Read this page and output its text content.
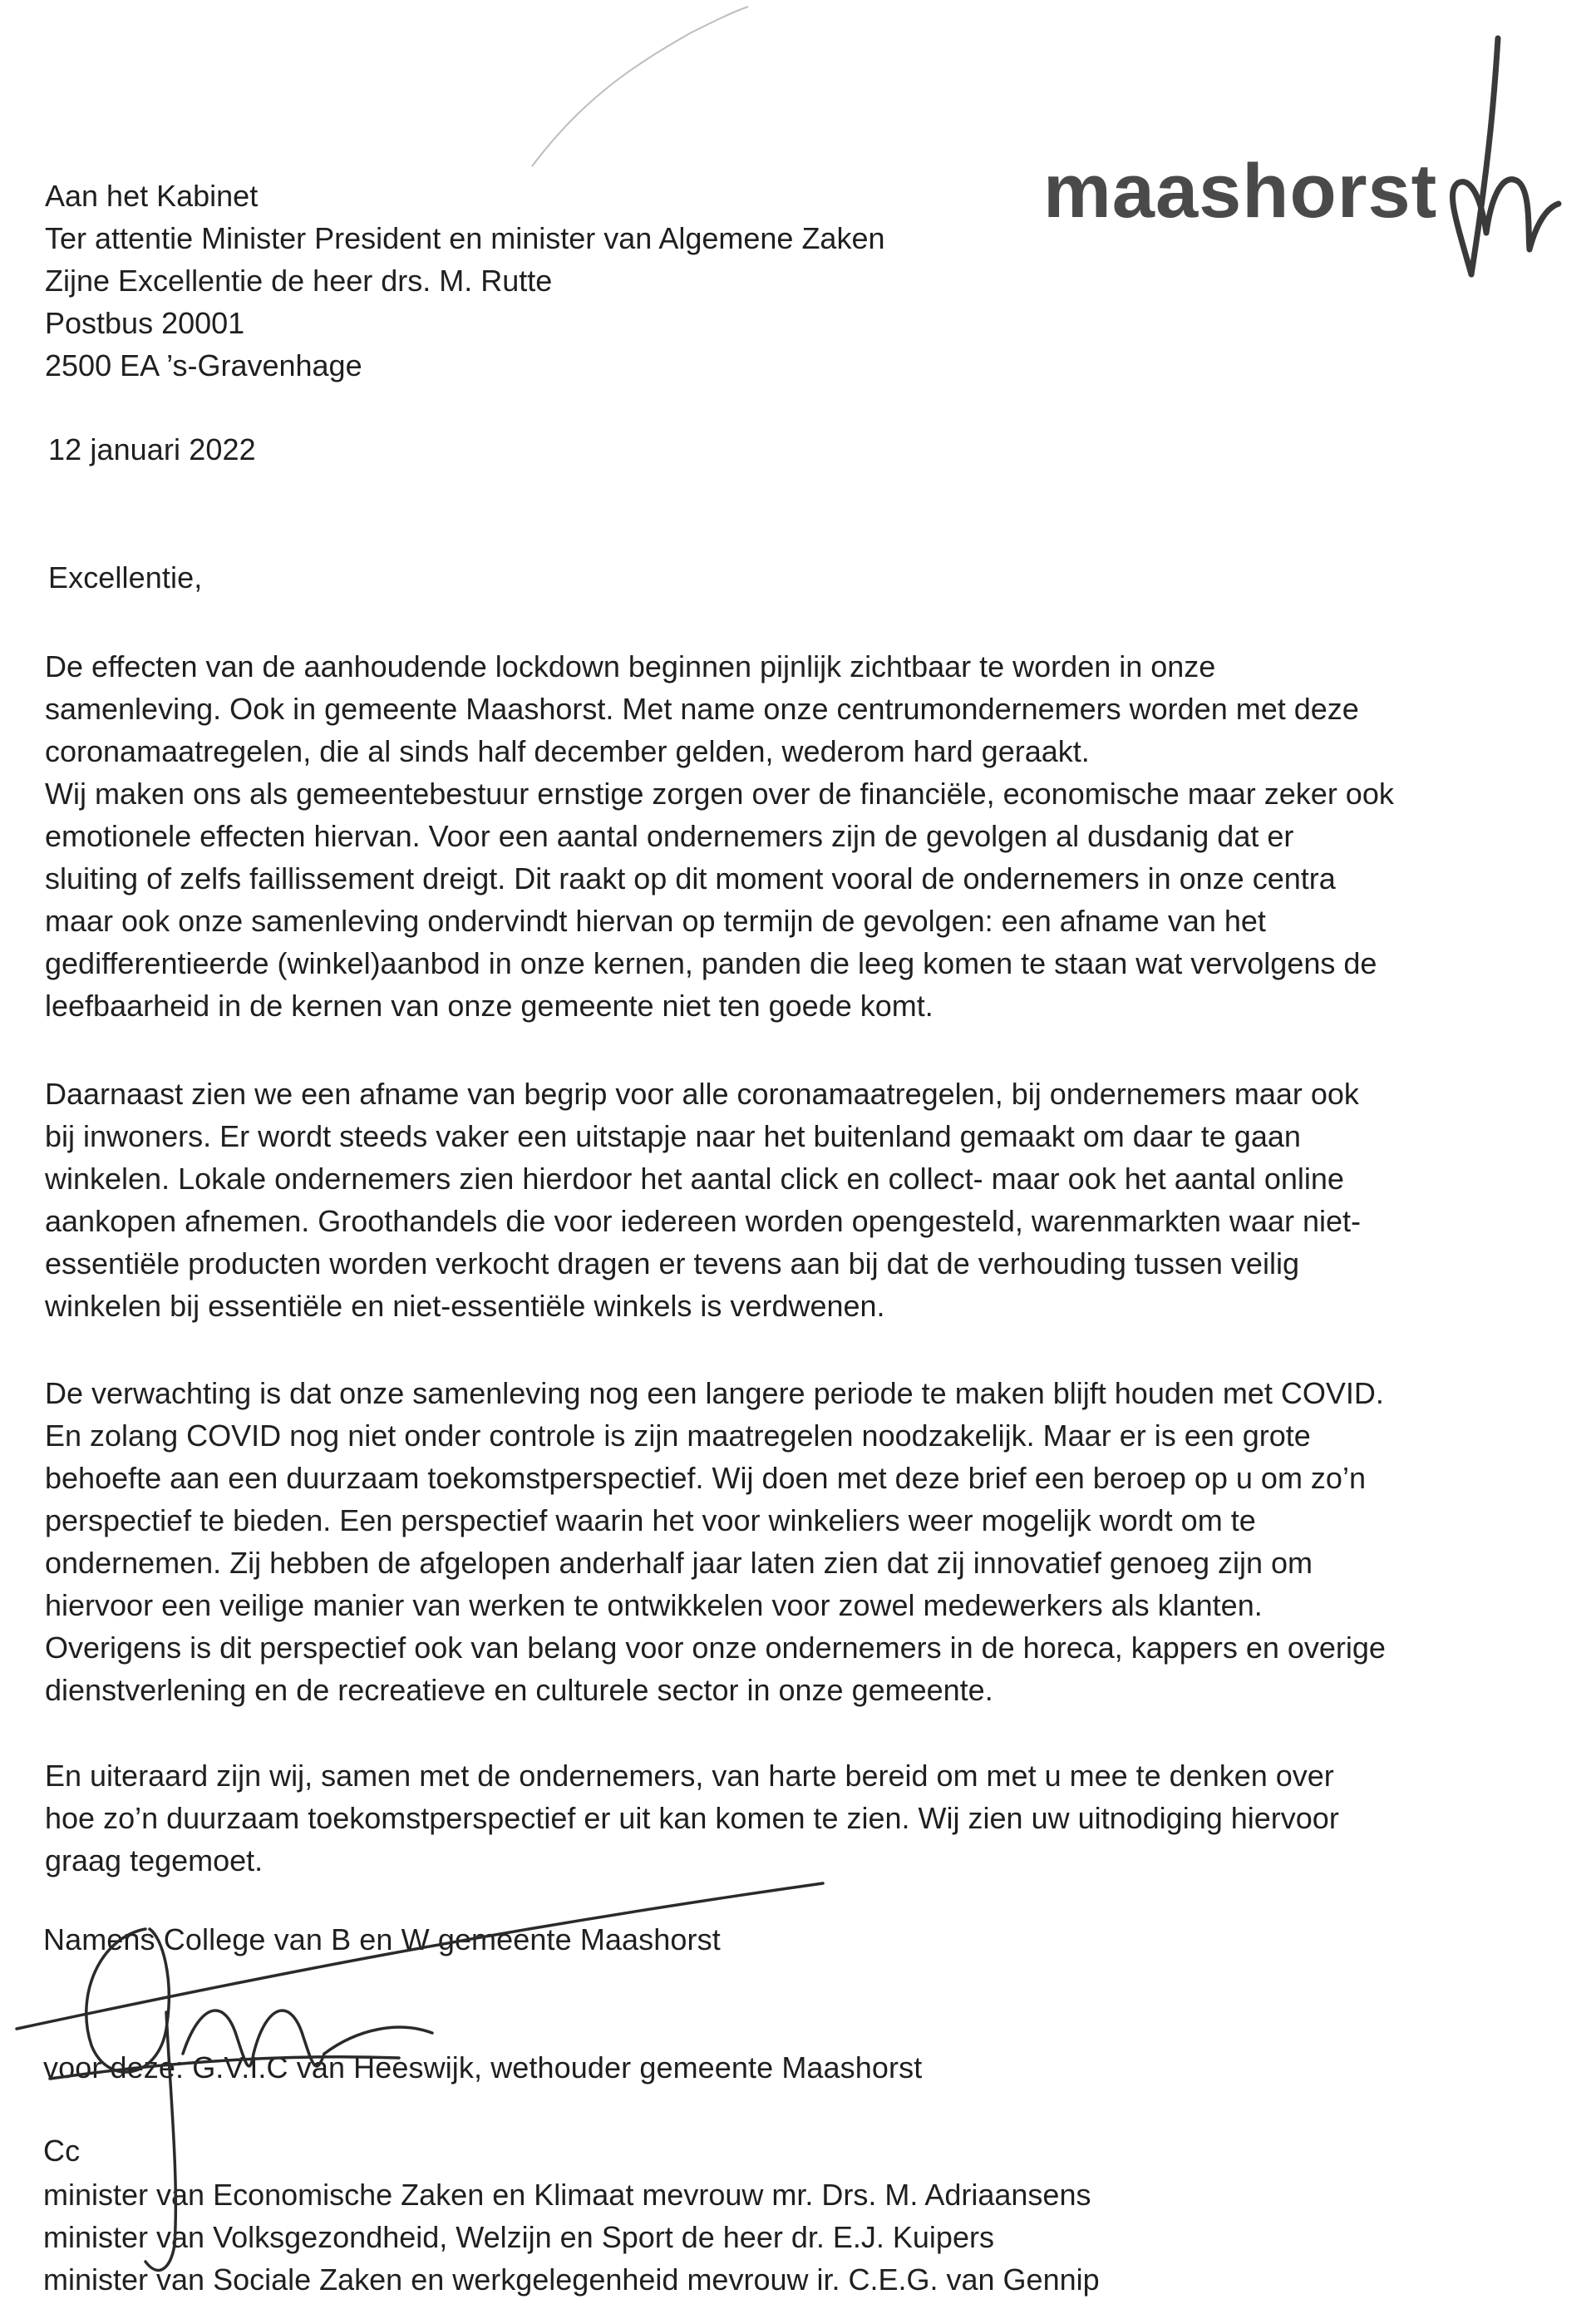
maashorst
Aan het Kabinet
Ter attentie Minister President en minister van Algemene Zaken
Zijne Excellentie de heer drs. M. Rutte
Postbus 20001
2500 EA ’s-Gravenhage
12 januari 2022
Excellentie,
De effecten van de aanhoudende lockdown beginnen pijnlijk zichtbaar te worden in onze
samenleving. Ook in gemeente Maashorst. Met name onze centrumondernemers worden met deze
coronamaatregelen, die al sinds half december gelden, wederom hard geraakt.
Wij maken ons als gemeentebestuur ernstige zorgen over de financiële, economische maar zeker ook
emotionele effecten hiervan. Voor een aantal ondernemers zijn de gevolgen al dusdanig dat er
sluiting of zelfs faillissement dreigt. Dit raakt op dit moment vooral de ondernemers in onze centra
maar ook onze samenleving ondervindt hiervan op termijn de gevolgen: een afname van het
gedifferentieerde (winkel)aanbod in onze kernen, panden die leeg komen te staan wat vervolgens de
leefbaarheid in de kernen van onze gemeente niet ten goede komt.
Daarnaast zien we een afname van begrip voor alle coronamaatregelen, bij ondernemers maar ook
bij inwoners. Er wordt steeds vaker een uitstapje naar het buitenland gemaakt om daar te gaan
winkelen. Lokale ondernemers zien hierdoor het aantal click en collect- maar ook het aantal online
aankopen afnemen. Groothandels die voor iedereen worden opengesteld, warenmarkten waar niet-
essentiële producten worden verkocht dragen er tevens aan bij dat de verhouding tussen veilig
winkelen bij essentiële en niet-essentiële winkels is verdwenen.
De verwachting is dat onze samenleving nog een langere periode te maken blijft houden met COVID.
En zolang COVID nog niet onder controle is zijn maatregelen noodzakelijk. Maar er is een grote
behoefte aan een duurzaam toekomstperspectief. Wij doen met deze brief een beroep op u om zo’n
perspectief te bieden. Een perspectief waarin het voor winkeliers weer mogelijk wordt om te
ondernemen. Zij hebben de afgelopen anderhalf jaar laten zien dat zij innovatief genoeg zijn om
hiervoor een veilige manier van werken te ontwikkelen voor zowel medewerkers als klanten.
Overigens is dit perspectief ook van belang voor onze ondernemers in de horeca, kappers en overige
dienstverlening en de recreatieve en culturele sector in onze gemeente.
En uiteraard zijn wij, samen met de ondernemers, van harte bereid om met u mee te denken over
hoe zo’n duurzaam toekomstperspectief er uit kan komen te zien. Wij zien uw uitnodiging hiervoor
graag tegemoet.
Namens College van B en W gemeente Maashorst
voor deze: G.V.I.C van Heeswijk, wethouder gemeente Maashorst
Cc
minister van Economische Zaken en Klimaat mevrouw mr. Drs. M. Adriaansens
minister van Volksgezondheid, Welzijn en Sport de heer dr. E.J. Kuipers
minister van Sociale Zaken en werkgelegenheid mevrouw ir. C.E.G. van Gennip
